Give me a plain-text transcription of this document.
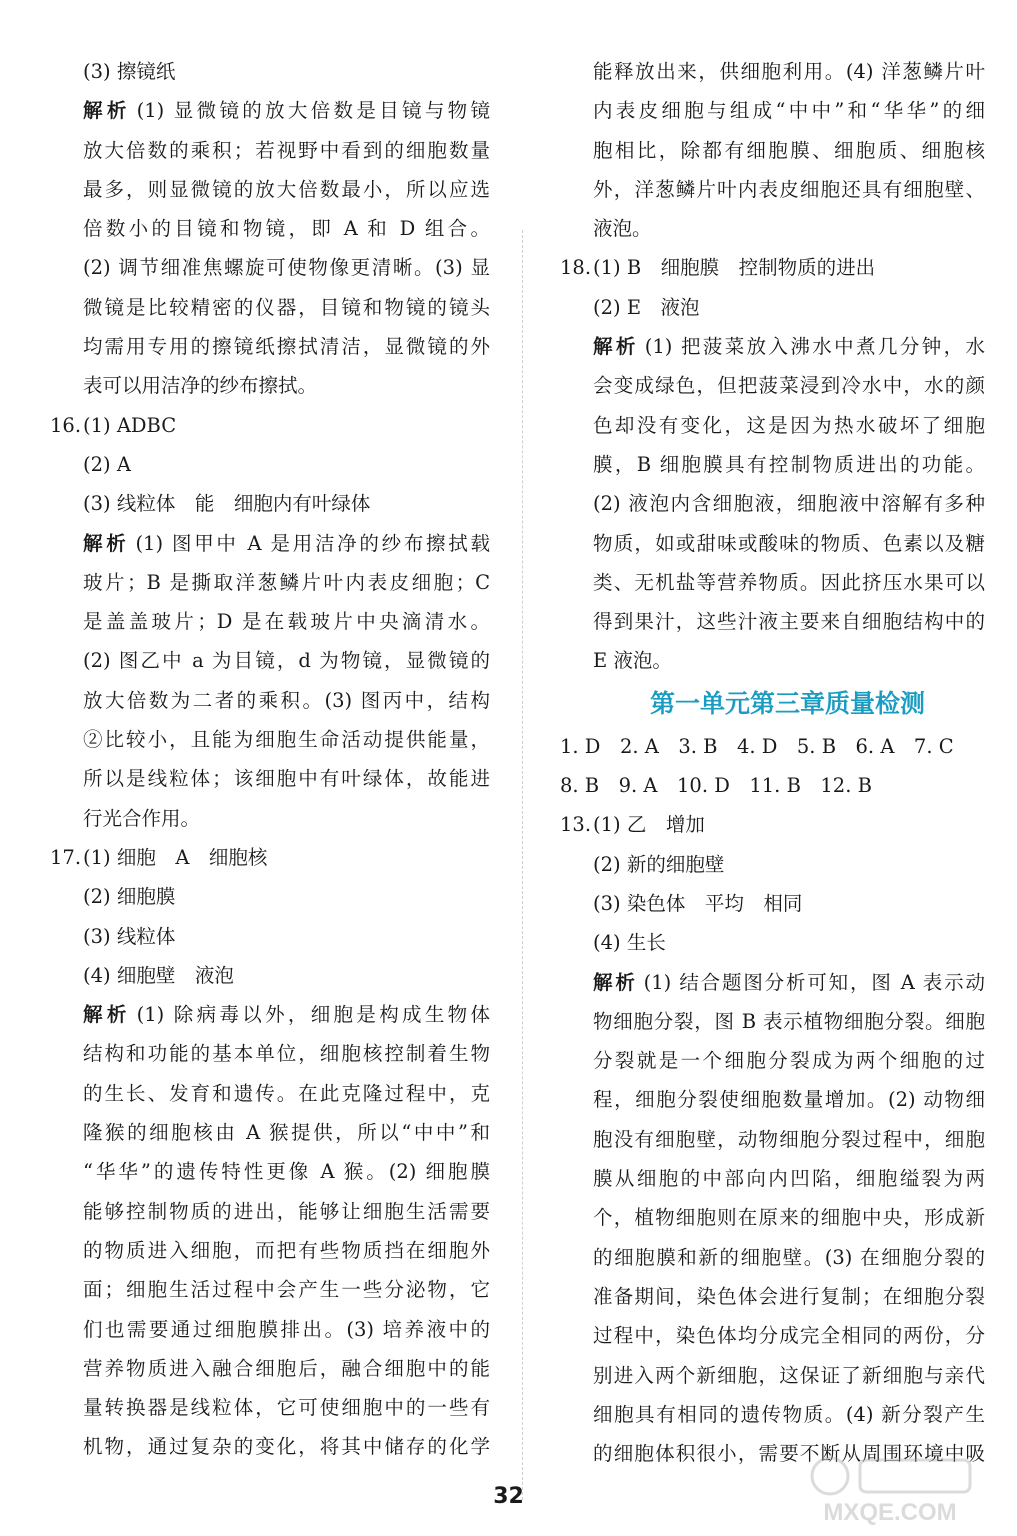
(3) 擦镜纸
解析 (1) 显微镜的放大倍数是目镜与物镜
放大倍数的乘积；若视野中看到的细胞数量
最多，则显微镜的放大倍数最小，所以应选
倍数小的目镜和物镜，即 A 和 D 组合。
(2) 调节细准焦螺旋可使物像更清晰。(3) 显
微镜是比较精密的仪器，目镜和物镜的镜头
均需用专用的擦镜纸擦拭清洁，显微镜的外
表可以用洁净的纱布擦拭。
16. (1) ADBC
(2) A
(3) 线粒体　能　细胞内有叶绿体
解析 (1) 图甲中 A 是用洁净的纱布擦拭载
玻片；B 是撕取洋葱鳞片叶内表皮细胞；C
是盖盖玻片；D 是在载玻片中央滴清水。
(2) 图乙中 a 为目镜，d 为物镜，显微镜的
放大倍数为二者的乘积。(3) 图丙中，结构
②比较小，且能为细胞生命活动提供能量，
所以是线粒体；该细胞中有叶绿体，故能进
行光合作用。
17. (1) 细胞　A　细胞核
(2) 细胞膜
(3) 线粒体
(4) 细胞壁　液泡
解析 (1) 除病毒以外，细胞是构成生物体
结构和功能的基本单位，细胞核控制着生物
的生长、发育和遗传。在此克隆过程中，克
隆猴的细胞核由 A 猴提供，所以“中中”和
“华华”的遗传特性更像 A 猴。(2) 细胞膜
能够控制物质的进出，能够让细胞生活需要
的物质进入细胞，而把有些物质挡在细胞外
面；细胞生活过程中会产生一些分泌物，它
们也需要通过细胞膜排出。(3) 培养液中的
营养物质进入融合细胞后，融合细胞中的能
量转换器是线粒体，它可使细胞中的一些有
机物，通过复杂的变化，将其中储存的化学
能释放出来，供细胞利用。(4) 洋葱鳞片叶
内表皮细胞与组成“中中”和“华华”的细
胞相比，除都有细胞膜、细胞质、细胞核
外，洋葱鳞片叶内表皮细胞还具有细胞壁、
液泡。
18. (1) B　细胞膜　控制物质的进出
(2) E　液泡
解析 (1) 把菠菜放入沸水中煮几分钟，水
会变成绿色，但把菠菜浸到冷水中，水的颜
色却没有变化，这是因为热水破坏了细胞
膜，B 细胞膜具有控制物质进出的功能。
(2) 液泡内含细胞液，细胞液中溶解有多种
物质，如或甜味或酸味的物质、色素以及糖
类、无机盐等营养物质。因此挤压水果可以
得到果汁，这些汁液主要来自细胞结构中的
E 液泡。
第一单元第三章质量检测
1. D　2. A　3. B　4. D　5. B　6. A　7. C
8. B　9. A　10. D　11. B　12. B
13. (1) 乙　增加
(2) 新的细胞壁
(3) 染色体　平均　相同
(4) 生长
解析 (1) 结合题图分析可知，图 A 表示动
物细胞分裂，图 B 表示植物细胞分裂。细胞
分裂就是一个细胞分裂成为两个细胞的过
程，细胞分裂使细胞数量增加。(2) 动物细
胞没有细胞壁，动物细胞分裂过程中，细胞
膜从细胞的中部向内凹陷，细胞缢裂为两
个，植物细胞则在原来的细胞中央，形成新
的细胞膜和新的细胞壁。(3) 在细胞分裂的
准备期间，染色体会进行复制；在细胞分裂
过程中，染色体均分成完全相同的两份，分
别进入两个新细胞，这保证了新细胞与亲代
细胞具有相同的遗传物质。(4) 新分裂产生
的细胞体积很小，需要不断从周围环境中吸
32
MXQE.COM
